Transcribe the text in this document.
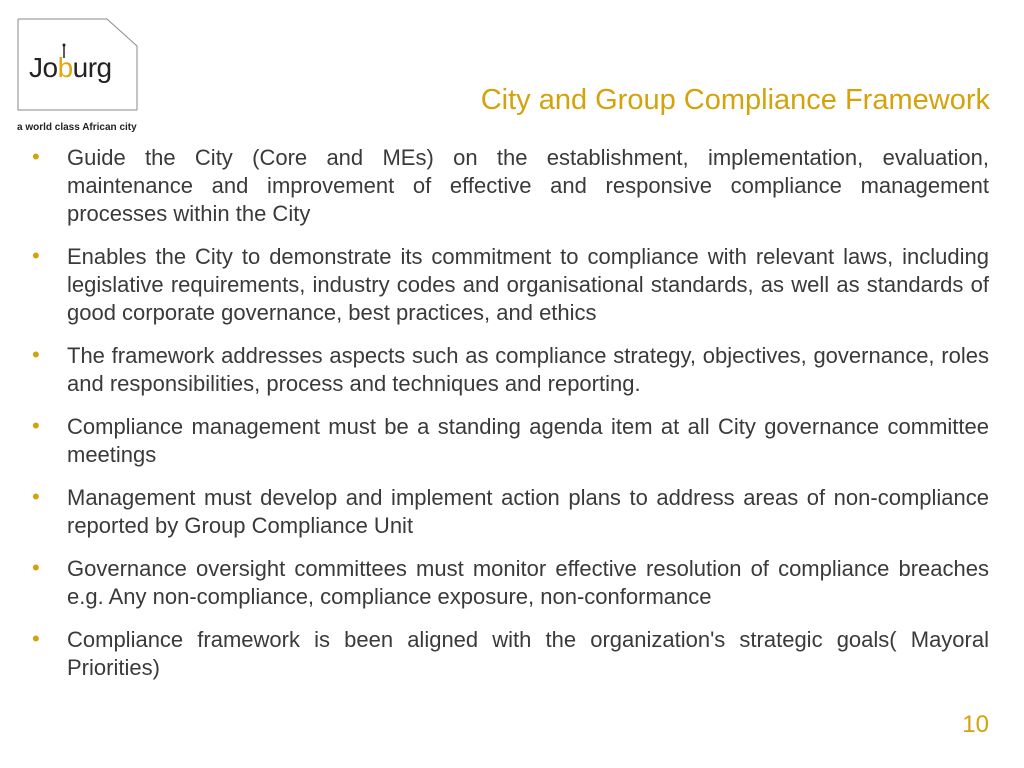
Joburg
a world class African city
City and Group Compliance Framework
• Guide the City (Core and MEs) on the establishment, implementation, evaluation, maintenance and improvement of effective and responsive compliance management processes within the City
• Enables the City to demonstrate its commitment to compliance with relevant laws, including legislative requirements, industry codes and organisational standards, as well as standards of good corporate governance, best practices, and ethics
• The framework addresses aspects such as compliance strategy, objectives, governance, roles and responsibilities, process and techniques and reporting.
• Compliance management must be a standing agenda item at all City governance committee meetings
• Management must develop and implement action plans to address areas of non-compliance reported by Group Compliance Unit
• Governance oversight committees must monitor effective resolution of compliance breaches e.g. Any non-compliance, compliance exposure, non-conformance
• Compliance framework is been aligned with the organization's strategic goals( Mayoral Priorities)
10
